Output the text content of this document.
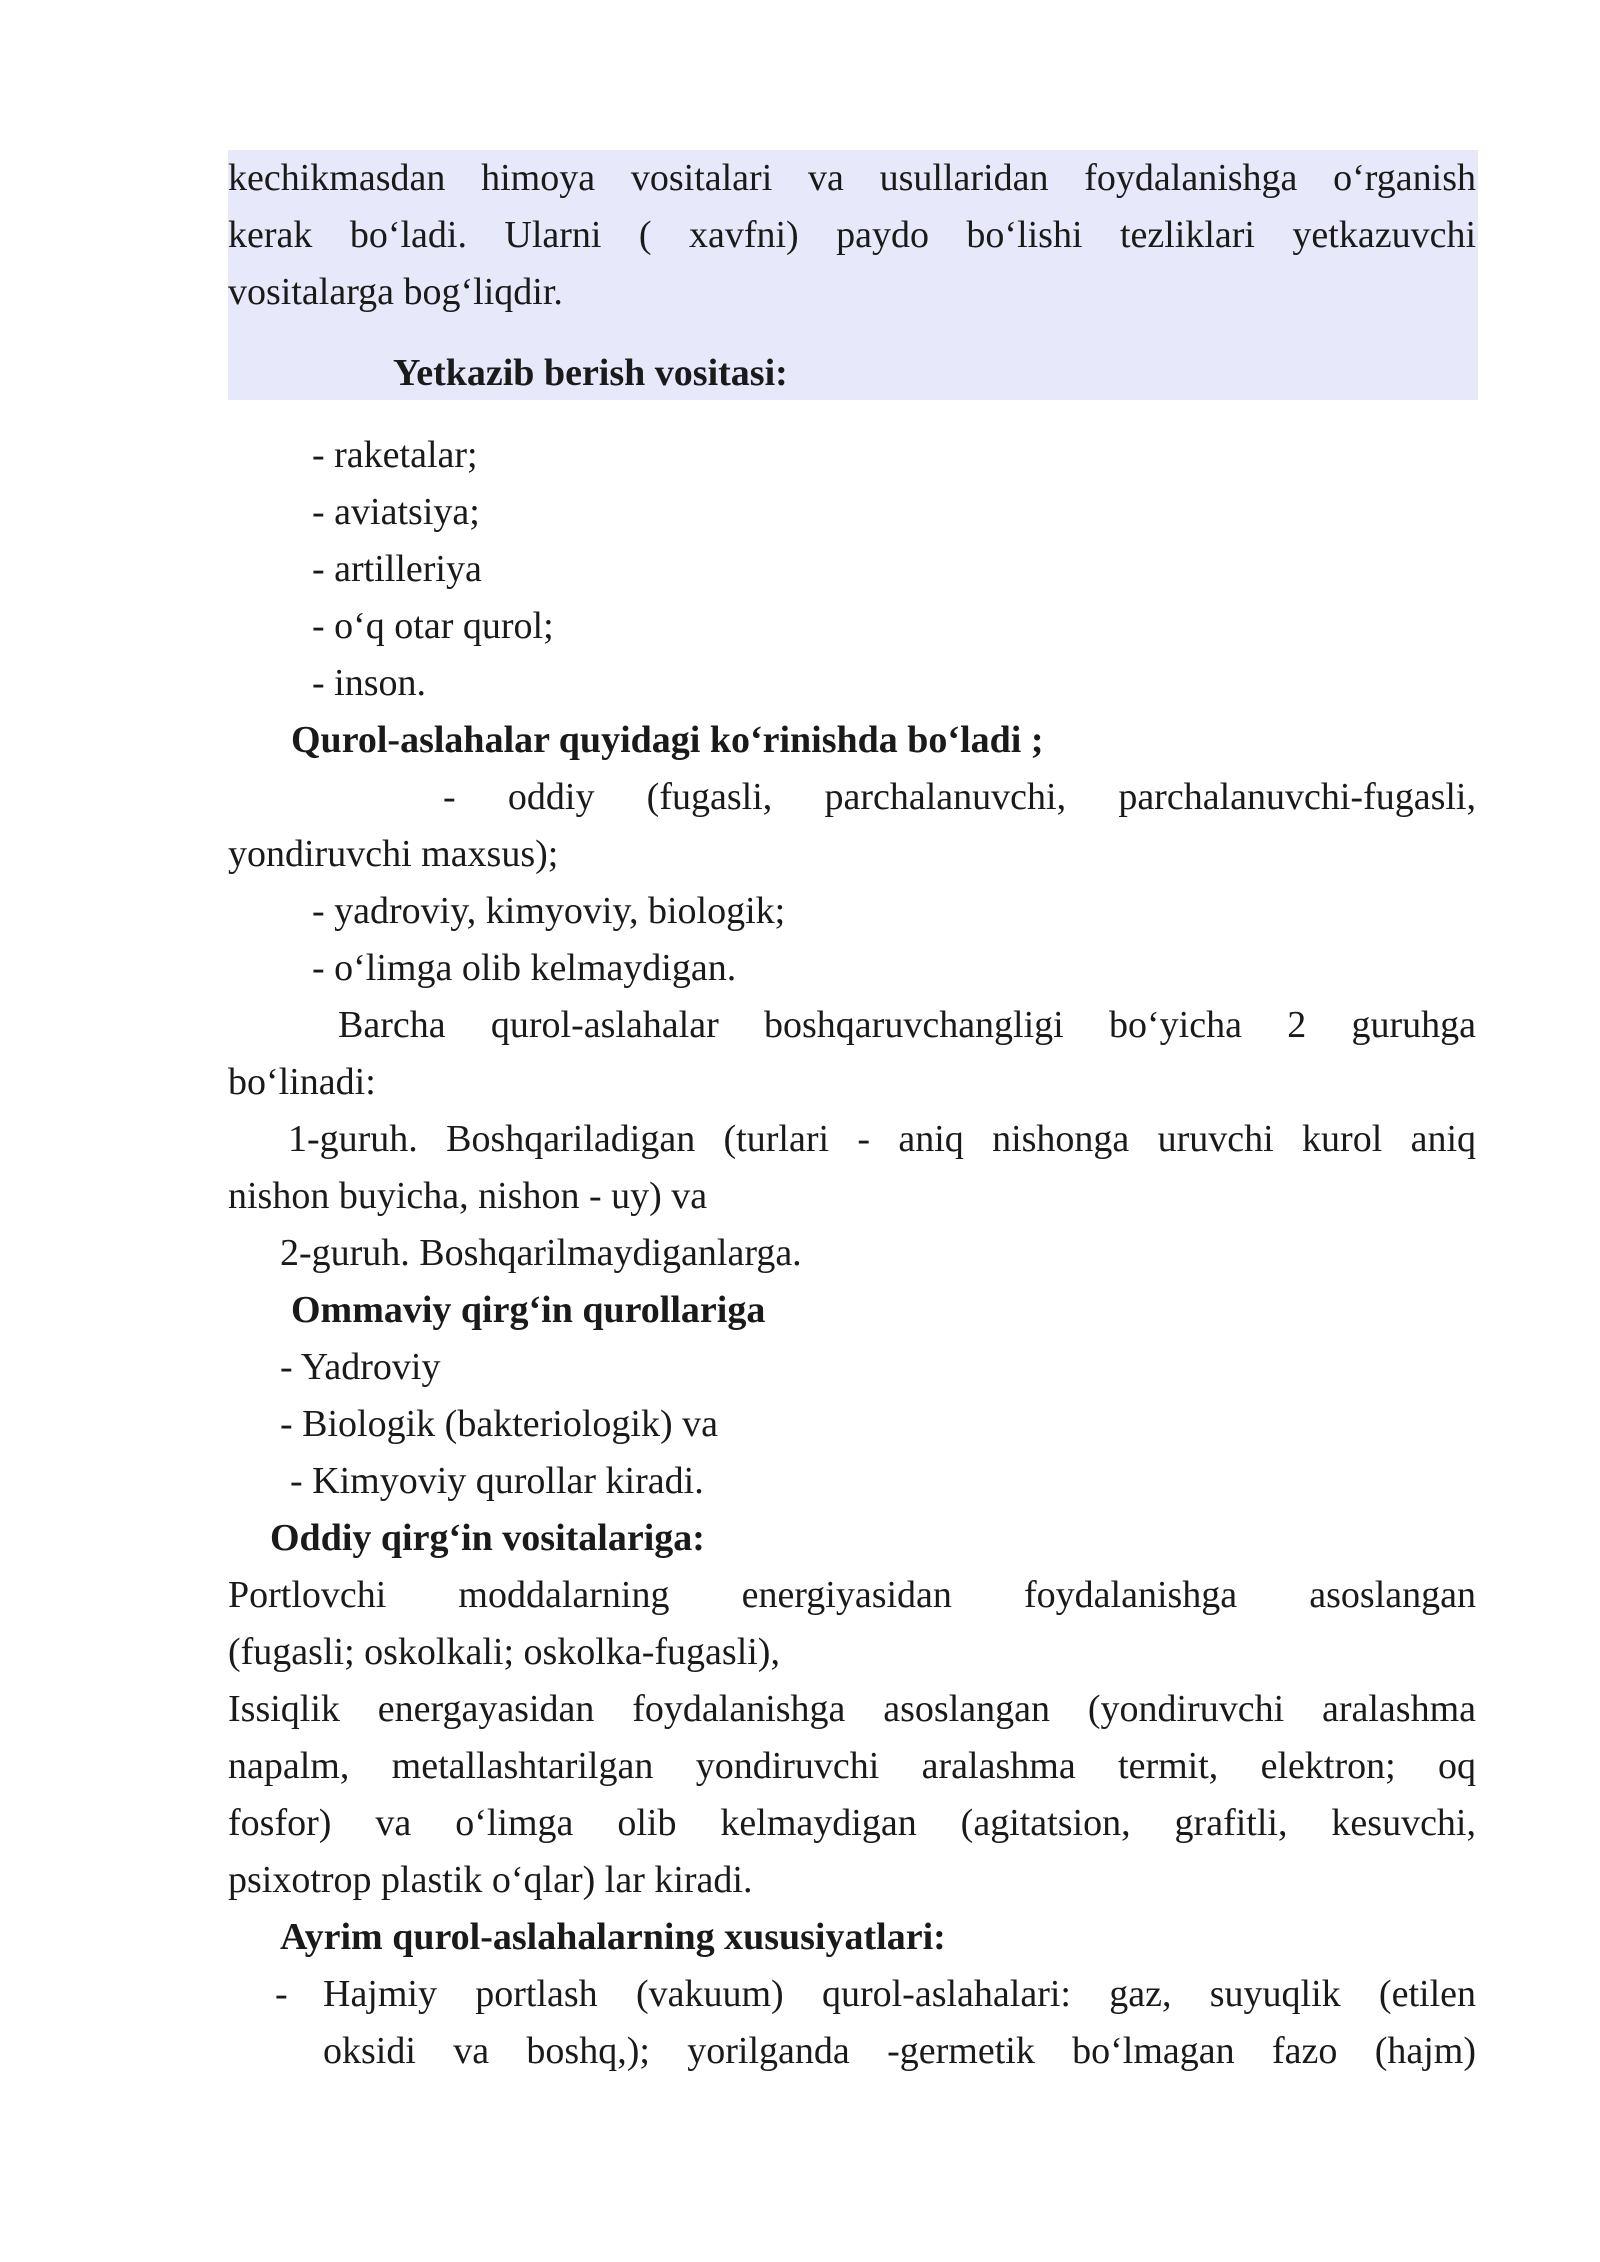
kechikmasdan himoya vositalari va usullaridan foydalanishga o‘rganish
kerak bo‘ladi. Ularni ( xavfni) paydo bo‘lishi tezliklari yetkazuvchi
vositalarga bog‘liqdir.
Yetkazib berish vositasi:
- raketalar;
- aviatsiya;
- artilleriya
- o‘q otar qurol;
- inson.
Qurol-aslahalar quyidagi ko‘rinishda bo‘ladi ;
- oddiy (fugasli, parchalanuvchi, parchalanuvchi-fugasli,
yondiruvchi maxsus);
- yadroviy, kimyoviy, biologik;
- o‘limga olib kelmaydigan.
Barcha qurol-aslahalar boshqaruvchangligi bo‘yicha 2 guruhga
bo‘linadi:
1-guruh. Boshqariladigan (turlari - aniq nishonga uruvchi kurol aniq
nishon buyicha, nishon - uy) va
2-guruh. Boshqarilmaydiganlarga.
Ommaviy qirg‘in qurollariga
- Yadroviy
- Biologik (bakteriologik) va
- Kimyoviy qurollar kiradi.
Oddiy qirg‘in vositalariga:
Portlovchi moddalarning energiyasidan foydalanishga asoslangan
(fugasli; oskolkali; oskolka-fugasli),
Issiqlik energayasidan foydalanishga asoslangan (yondiruvchi aralashma
napalm, metallashtarilgan yondiruvchi aralashma termit, elektron; oq
fosfor) va o‘limga olib kelmaydigan (agitatsion, grafitli, kesuvchi,
psixotrop plastik o‘qlar) lar kiradi.
Ayrim qurol-aslahalarning xususiyatlari:
- Hajmiy portlash (vakuum) qurol-aslahalari: gaz, suyuqlik (etilen
oksidi va boshq,); yorilganda -germetik bo‘lmagan fazo (hajm)
